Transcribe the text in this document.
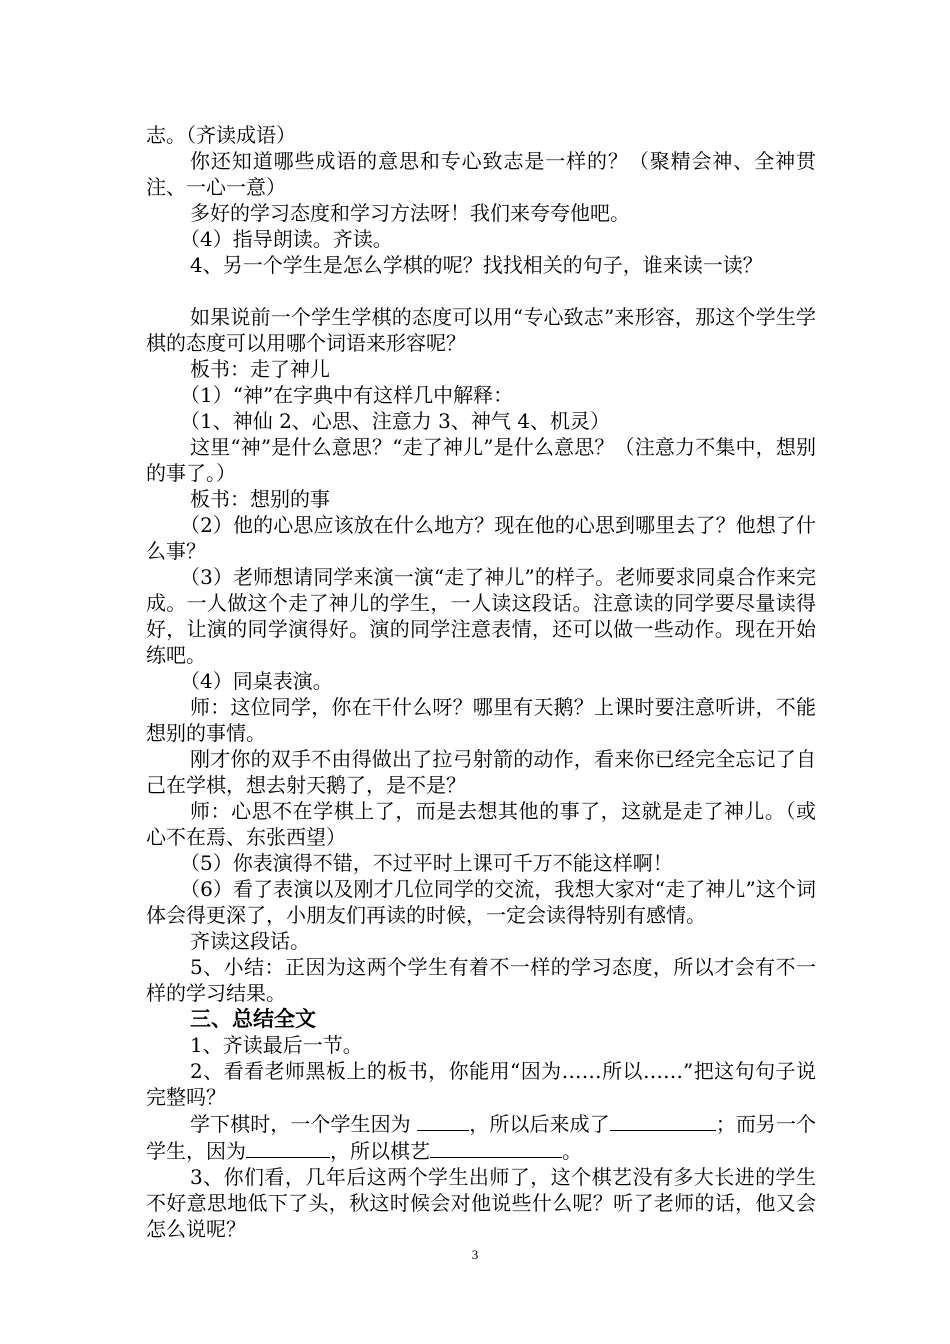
志。（齐读成语）

你还知道哪些成语的意思和专心致志是一样的？（聚精会神、全神贯注、一心一意）

多好的学习态度和学习方法呀！我们来夸夸他吧。

（4）指导朗读。齐读。

4、另一个学生是怎么学棋的呢？找找相关的句子，谁来读一读？

如果说前一个学生学棋的态度可以用“专心致志”来形容，那这个学生学棋的态度可以用哪个词语来形容呢？

板书：走了神儿

（1）“神”在字典中有这样几中解释：

（1、神仙 2、心思、注意力 3、神气 4、机灵）

这里“神”是什么意思？“走了神儿”是什么意思？（注意力不集中，想别的事了。）

板书：想别的事

（2）他的心思应该放在什么地方？现在他的心思到哪里去了？他想了什么事？

（3）老师想请同学来演一演“走了神儿”的样子。老师要求同桌合作来完成。一人做这个走了神儿的学生，一人读这段话。注意读的同学要尽量读得好，让演的同学演得好。演的同学注意表情，还可以做一些动作。现在开始练吧。

（4）同桌表演。

师：这位同学，你在干什么呀？哪里有天鹅？上课时要注意听讲，不能想别的事情。

刚才你的双手不由得做出了拉弓射箭的动作，看来你已经完全忘记了自己在学棋，想去射天鹅了，是不是？

师：心思不在学棋上了，而是去想其他的事了，这就是走了神儿。（或心不在焉、东张西望）

（5）你表演得不错，不过平时上课可千万不能这样啊！

（6）看了表演以及刚才几位同学的交流，我想大家对“走了神儿”这个词体会得更深了，小朋友们再读的时候，一定会读得特别有感情。

齐读这段话。

5、小结：正因为这两个学生有着不一样的学习态度，所以才会有不一样的学习结果。

三、总结全文

1、齐读最后一节。

2、看看老师黑板上的板书，你能用“因为……所以……”把这句句子说完整吗？

学下棋时，一个学生因为	，所以后来成了	；而另一个学生，因为	，所以棋艺	。

3、你们看，几年后这两个学生出师了，这个棋艺没有多大长进的学生不好意思地低下了头，秋这时候会对他说些什么呢？听了老师的话，他又会怎么说呢？

3
